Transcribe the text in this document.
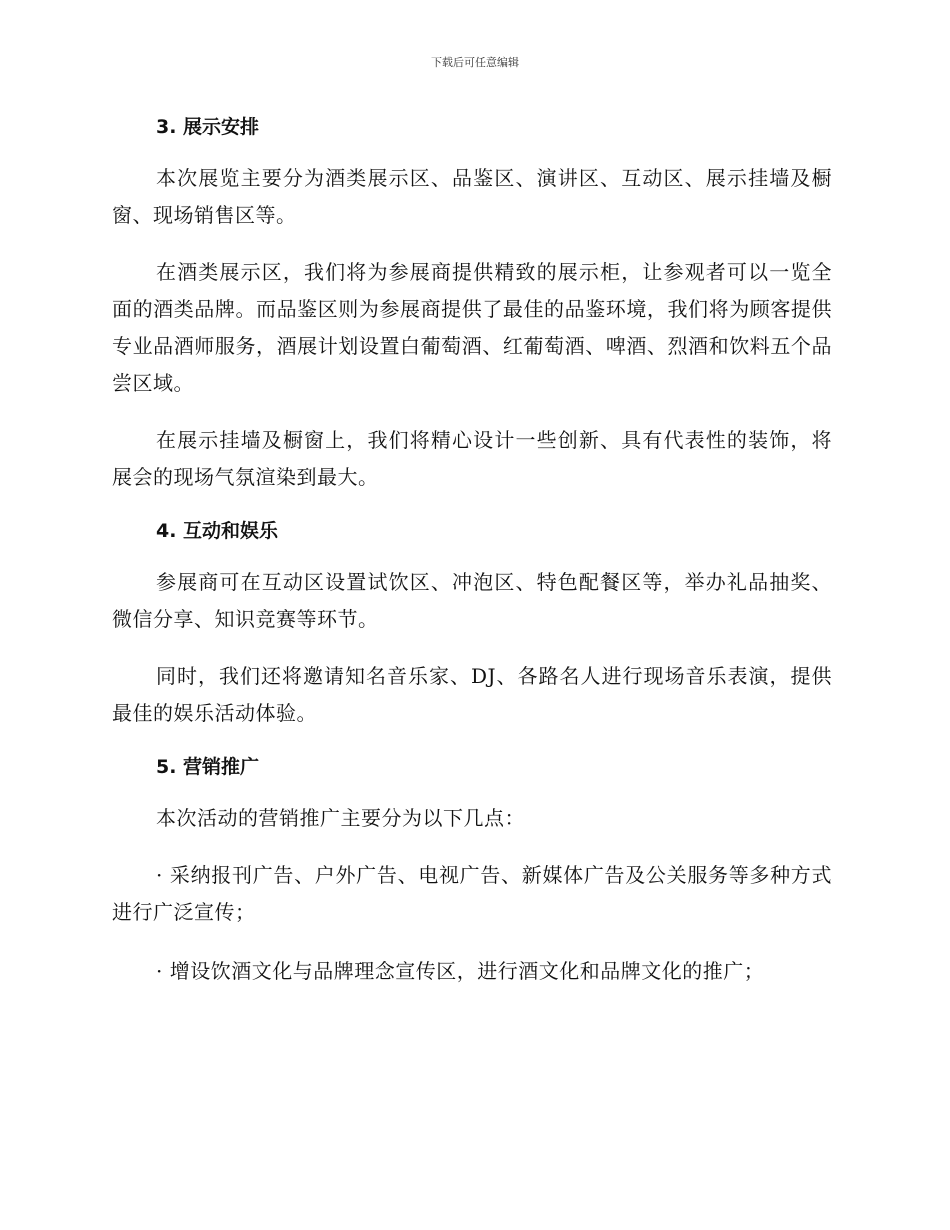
下载后可任意编辑
3. 展示安排

本次展览主要分为酒类展示区、品鉴区、演讲区、互动区、展示挂墙及橱窗、现场销售区等。

在酒类展示区，我们将为参展商提供精致的展示柜，让参观者可以一览全面的酒类品牌。而品鉴区则为参展商提供了最佳的品鉴环境，我们将为顾客提供专业品酒师服务，酒展计划设置白葡萄酒、红葡萄酒、啤酒、烈酒和饮料五个品尝区域。

在展示挂墙及橱窗上，我们将精心设计一些创新、具有代表性的装饰，将展会的现场气氛渲染到最大。

4. 互动和娱乐

参展商可在互动区设置试饮区、冲泡区、特色配餐区等，举办礼品抽奖、微信分享、知识竞赛等环节。

同时，我们还将邀请知名音乐家、DJ、各路名人进行现场音乐表演，提供最佳的娱乐活动体验。

5. 营销推广

本次活动的营销推广主要分为以下几点：

· 采纳报刊广告、户外广告、电视广告、新媒体广告及公关服务等多种方式进行广泛宣传；

· 增设饮酒文化与品牌理念宣传区，进行酒文化和品牌文化的推广；
